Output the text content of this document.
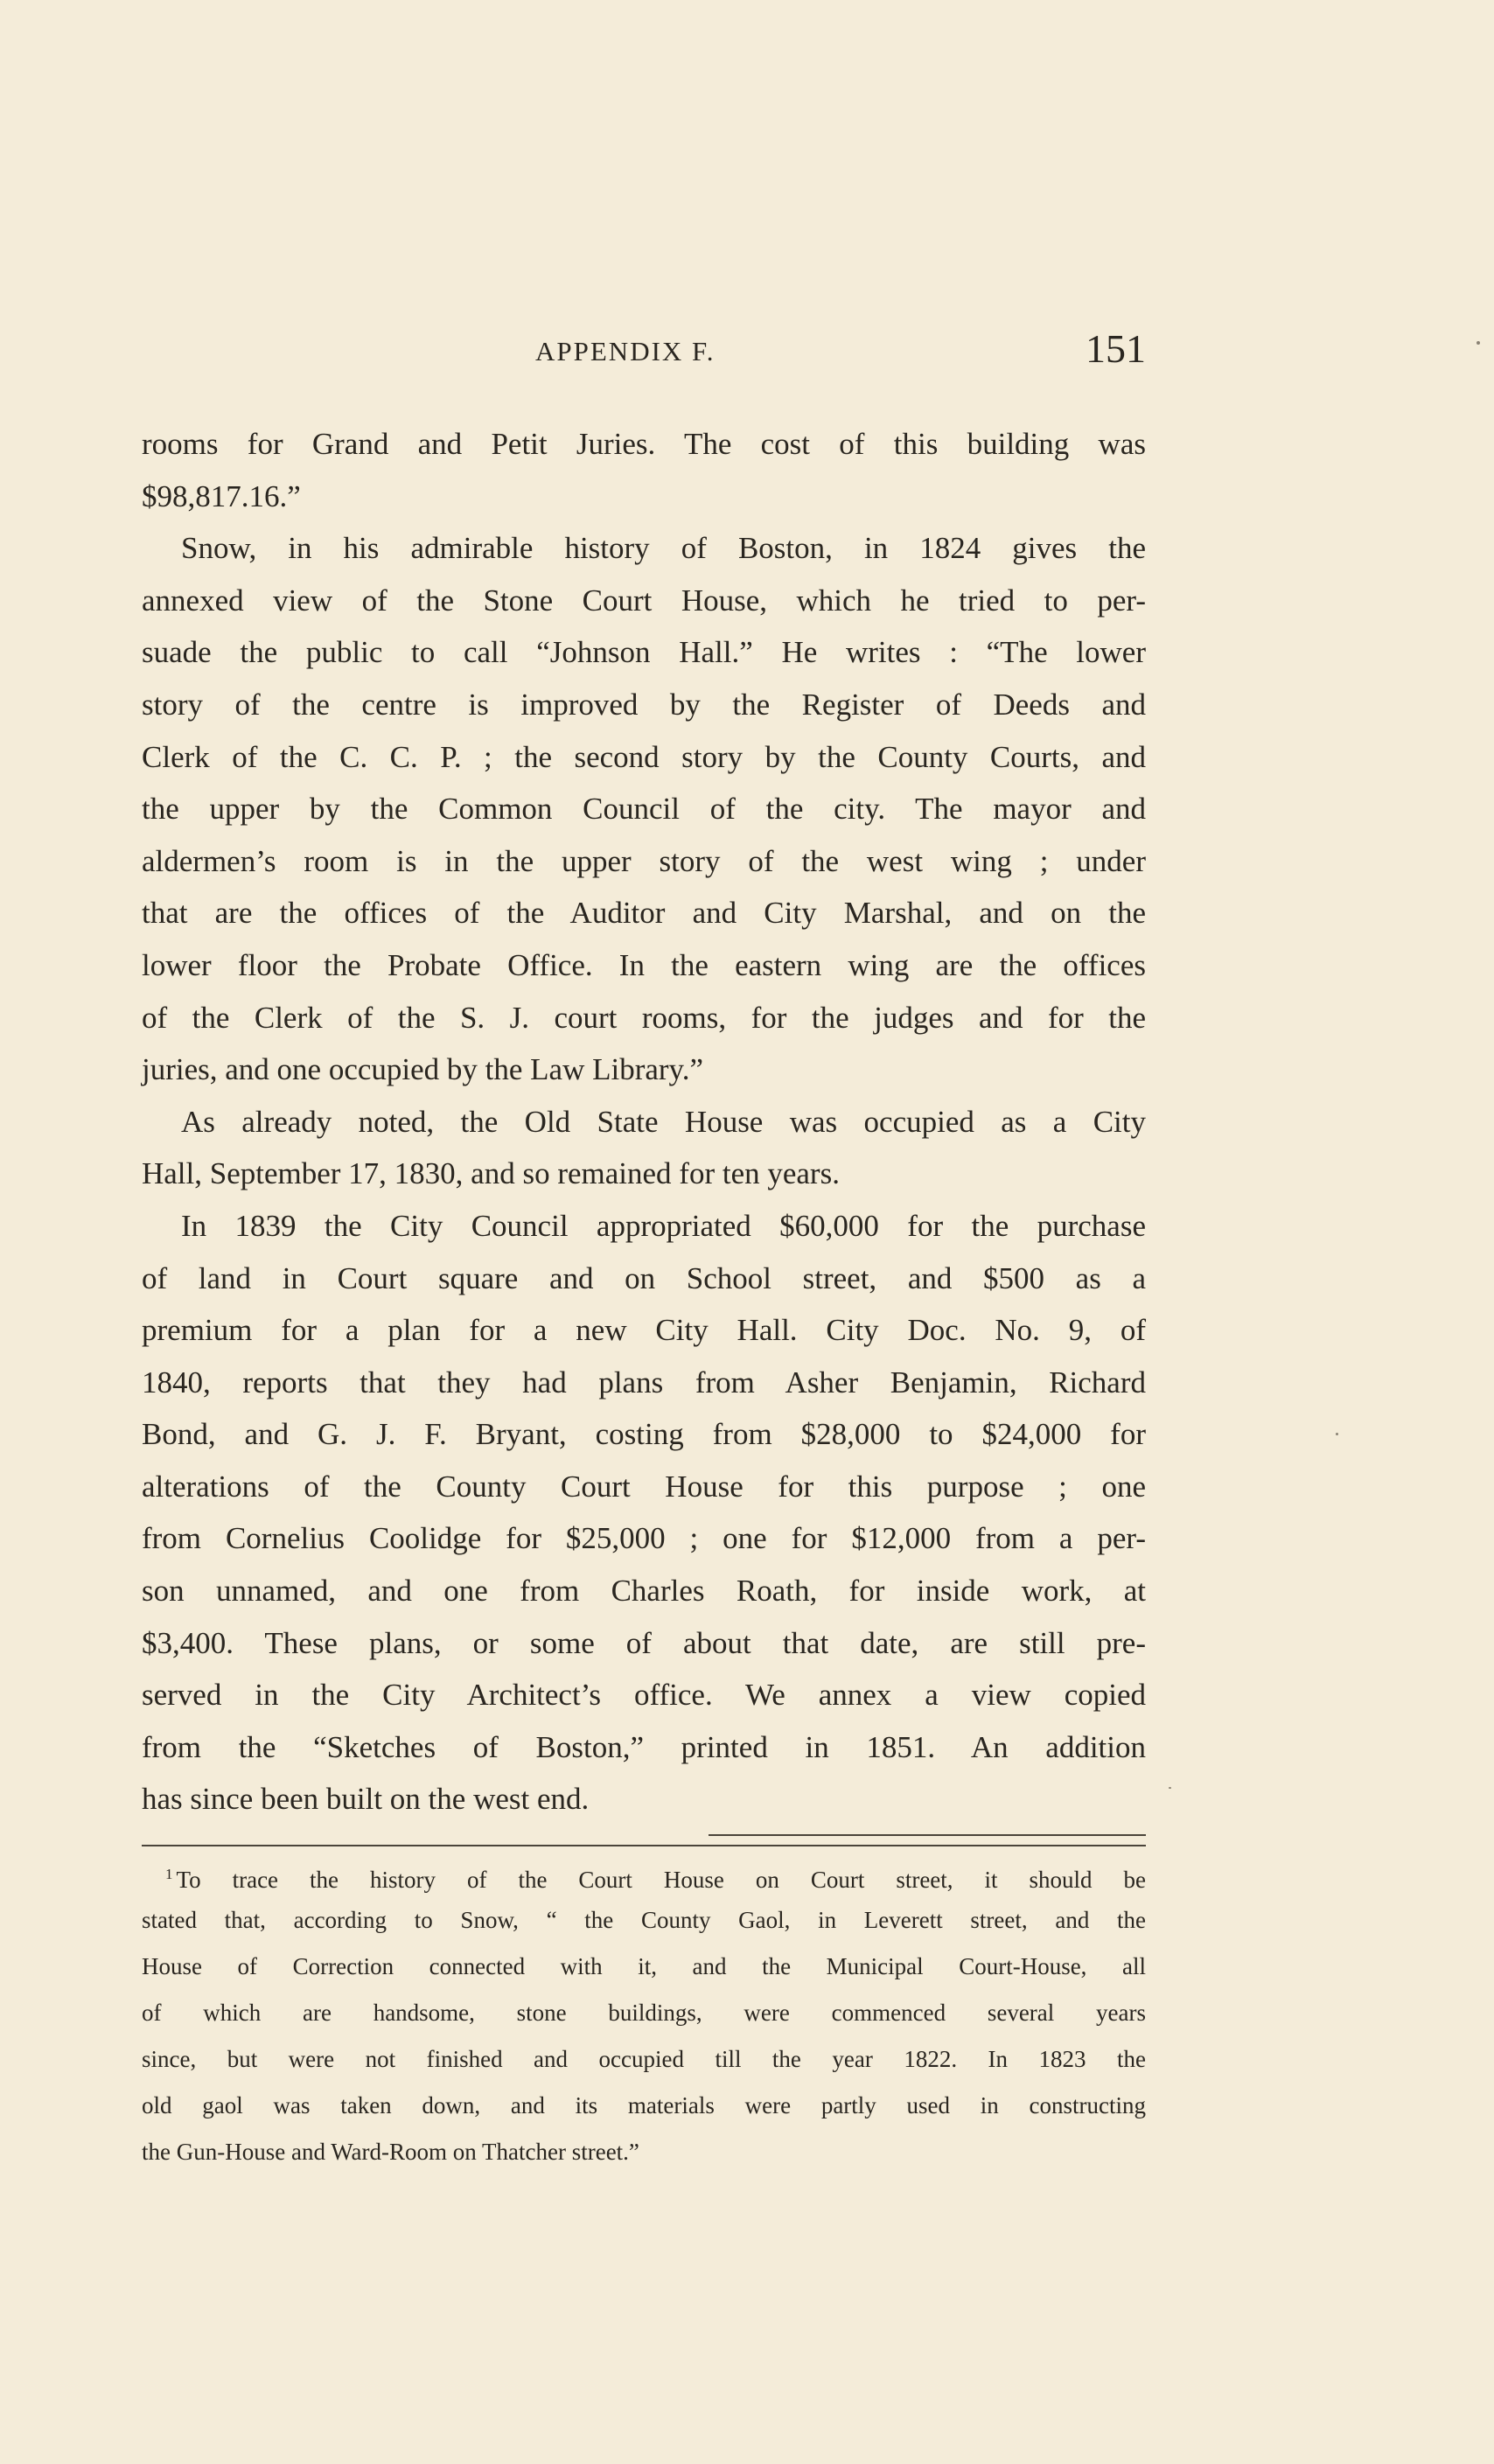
APPENDIX F.	151
rooms for Grand and Petit Juries. The cost of this building was
$98,817.16.”
Snow, in his admirable history of Boston, in 1824 gives the
annexed view of the Stone Court House, which he tried to per-
suade the public to call “Johnson Hall.” He writes : “The lower
story of the centre is improved by the Register of Deeds and
Clerk of the C. C. P. ; the second story by the County Courts, and
the upper by the Common Council of the city. The mayor and
aldermen’s room is in the upper story of the west wing ; under
that are the offices of the Auditor and City Marshal, and on the
lower floor the Probate Office. In the eastern wing are the offices
of the Clerk of the S. J. court rooms, for the judges and for the
juries, and one occupied by the Law Library.”
As already noted, the Old State House was occupied as a City
Hall, September 17, 1830, and so remained for ten years.
In 1839 the City Council appropriated $60,000 for the purchase
of land in Court square and on School street, and $500 as a
premium for a plan for a new City Hall. City Doc. No. 9, of
1840, reports that they had plans from Asher Benjamin, Richard
Bond, and G. J. F. Bryant, costing from $28,000 to $24,000 for
alterations of the County Court House for this purpose ; one
from Cornelius Coolidge for $25,000 ; one for $12,000 from a per-
son unnamed, and one from Charles Roath, for inside work, at
$3,400. These plans, or some of about that date, are still pre-
served in the City Architect’s office. We annex a view copied
from the “Sketches of Boston,” printed in 1851. An addition
has since been built on the west end.
$^1$ To trace the history of the Court House on Court street, it should be
stated that, according to Snow, “ the County Gaol, in Leverett street, and the
House of Correction connected with it, and the Municipal Court-House, all
of which are handsome, stone buildings, were commenced several years
since, but were not finished and occupied till the year 1822. In 1823 the
old gaol was taken down, and its materials were partly used in constructing
the Gun-House and Ward-Room on Thatcher street.”
